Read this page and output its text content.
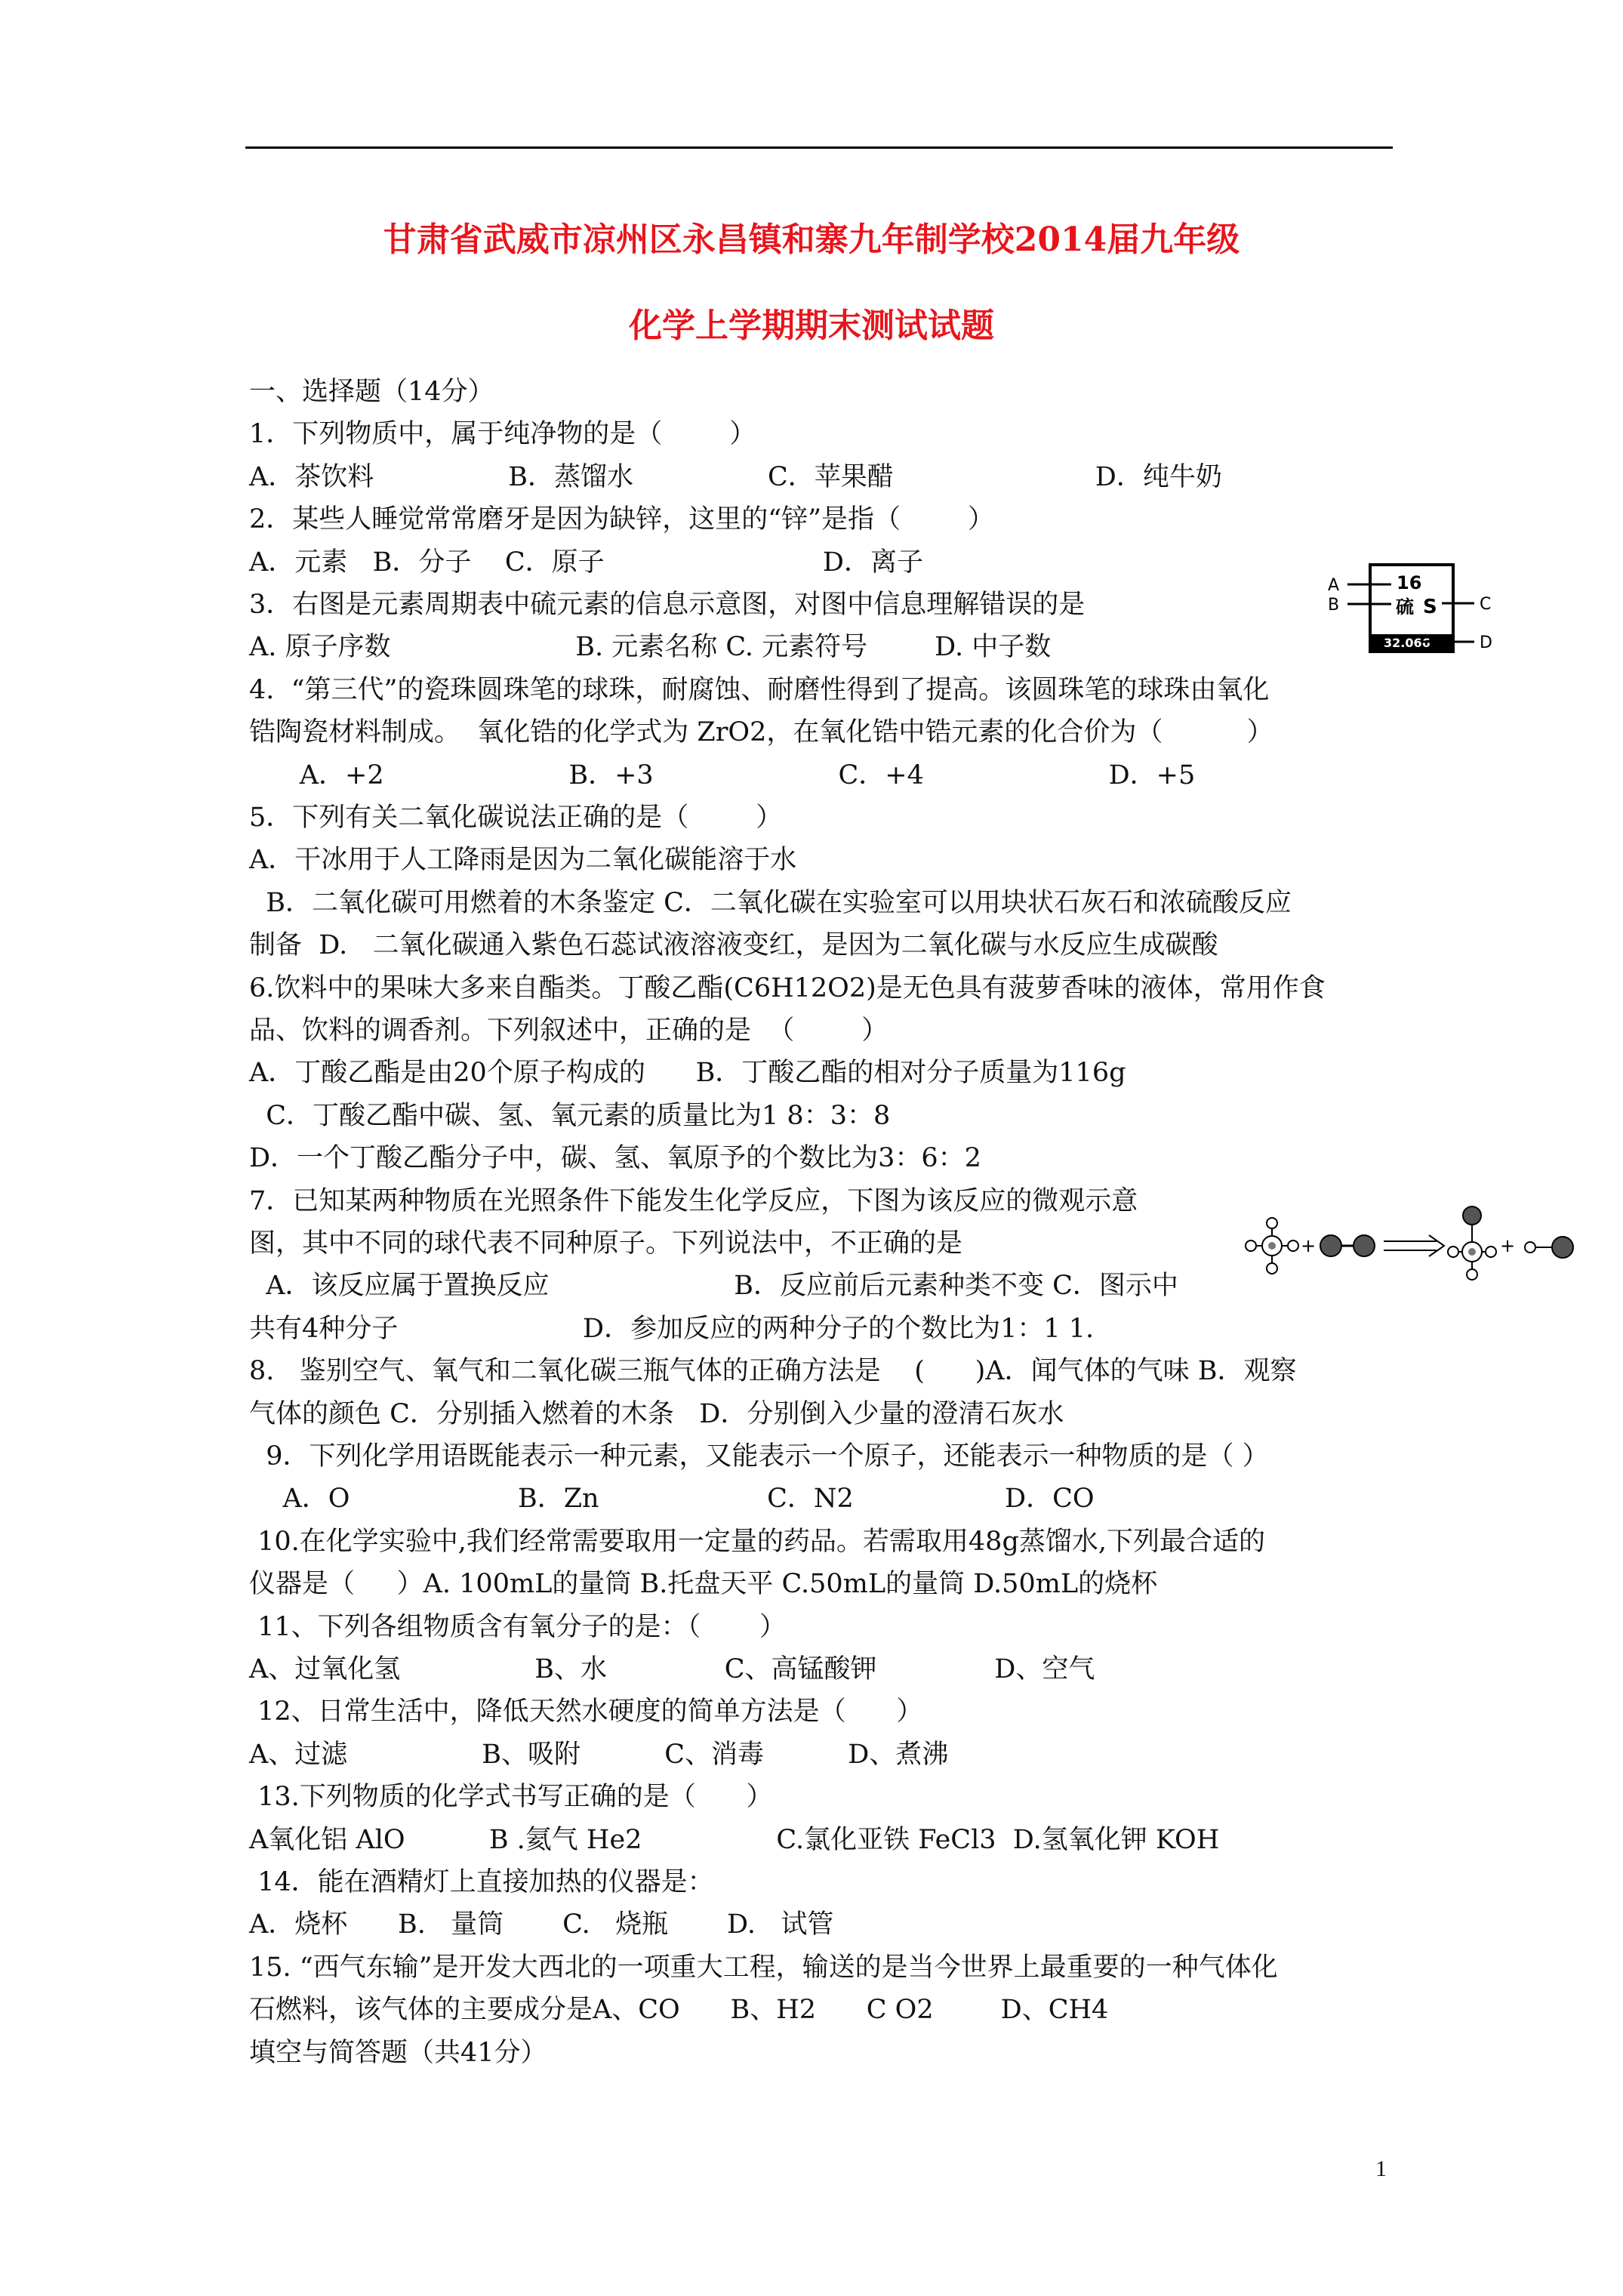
甘肃省武威市凉州区永昌镇和寨九年制学校2014届九年级
化学上学期期末测试试题
一、选择题（14分）
1．下列物质中，属于纯净物的是（        ）
A．茶饮料                B．蒸馏水                C．苹果醋                        D．纯牛奶
2．某些人睡觉常常磨牙是因为缺锌，这里的“锌”是指（        ）
A．元素   B．分子    C．原子                          D．离子
3．右图是元素周期表中硫元素的信息示意图，对图中信息理解错误的是
A. 原子序数                      B. 元素名称 C. 元素符号        D. 中子数
4.  “第三代”的瓷珠圆珠笔的球珠，耐腐蚀、耐磨性得到了提高。该圆珠笔的球珠由氧化
锆陶瓷材料制成。  氧化锆的化学式为 ZrO2，在氧化锆中锆元素的化合价为（          ）
A．+2                      B．+3                      C．+4                      D．+5
5．下列有关二氧化碳说法正确的是（        ）
A．干冰用于人工降雨是因为二氧化碳能溶于水
B．二氧化碳可用燃着的木条鉴定 C．二氧化碳在实验室可以用块状石灰石和浓硫酸反应
制备  D.   二氧化碳通入紫色石蕊试液溶液变红，是因为二氧化碳与水反应生成碳酸
6.饮料中的果味大多来自酯类。丁酸乙酯(C6H12O2)是无色具有菠萝香味的液体，常用作食
品、饮料的调香剂。下列叙述中，正确的是  （        ）
A．丁酸乙酯是由20个原子构成的      B．丁酸乙酯的相对分子质量为116g
C．丁酸乙酯中碳、氢、氧元素的质量比为1 8：3：8
D．一个丁酸乙酯分子中，碳、氢、氧原予的个数比为3：6：2
7．已知某两种物质在光照条件下能发生化学反应，下图为该反应的微观示意
图，其中不同的球代表不同种原子。下列说法中，不正确的是
A．该反应属于置换反应                      B．反应前后元素种类不变 C．图示中
共有4种分子                      D．参加反应的两种分子的个数比为1：1 1.
8.   鉴别空气、氧气和二氧化碳三瓶气体的正确方法是    (      )A．闻气体的气味 B．观察
气体的颜色 C．分别插入燃着的木条   D．分别倒入少量的澄清石灰水
9．下列化学用语既能表示一种元素，又能表示一个原子，还能表示一种物质的是（ ）
A．O                    B．Zn                    C．N2                  D．CO
10.在化学实验中,我们经常需要取用一定量的药品。若需取用48g蒸馏水,下列最合适的
仪器是（     ）A. 100mL的量筒 B.托盘天平 C.50mL的量筒 D.50mL的烧杯
11、下列各组物质含有氧分子的是：（       ）
A、过氧化氢                B、水              C、高锰酸钾              D、空气
12、日常生活中，降低天然水硬度的简单方法是（      ）
A、过滤                B、吸附          C、消毒          D、煮沸
13.下列物质的化学式书写正确的是（      ）
A氧化铝 AlO          B .氦气 He2                C.氯化亚铁 FeCl3  D.氢氧化钾 KOH
14．能在酒精灯上直接加热的仪器是：
A．烧杯      B.   量筒       C.   烧瓶       D.   试管
15. “西气东输”是开发大西北的一项重大工程，输送的是当今世界上最重要的一种气体化
石燃料，该气体的主要成分是A、CO      B、H2      C O2        D、CH4
填空与简答题（共41分）
16
硫 S
32.066
A
B	C
D
+	+
1
